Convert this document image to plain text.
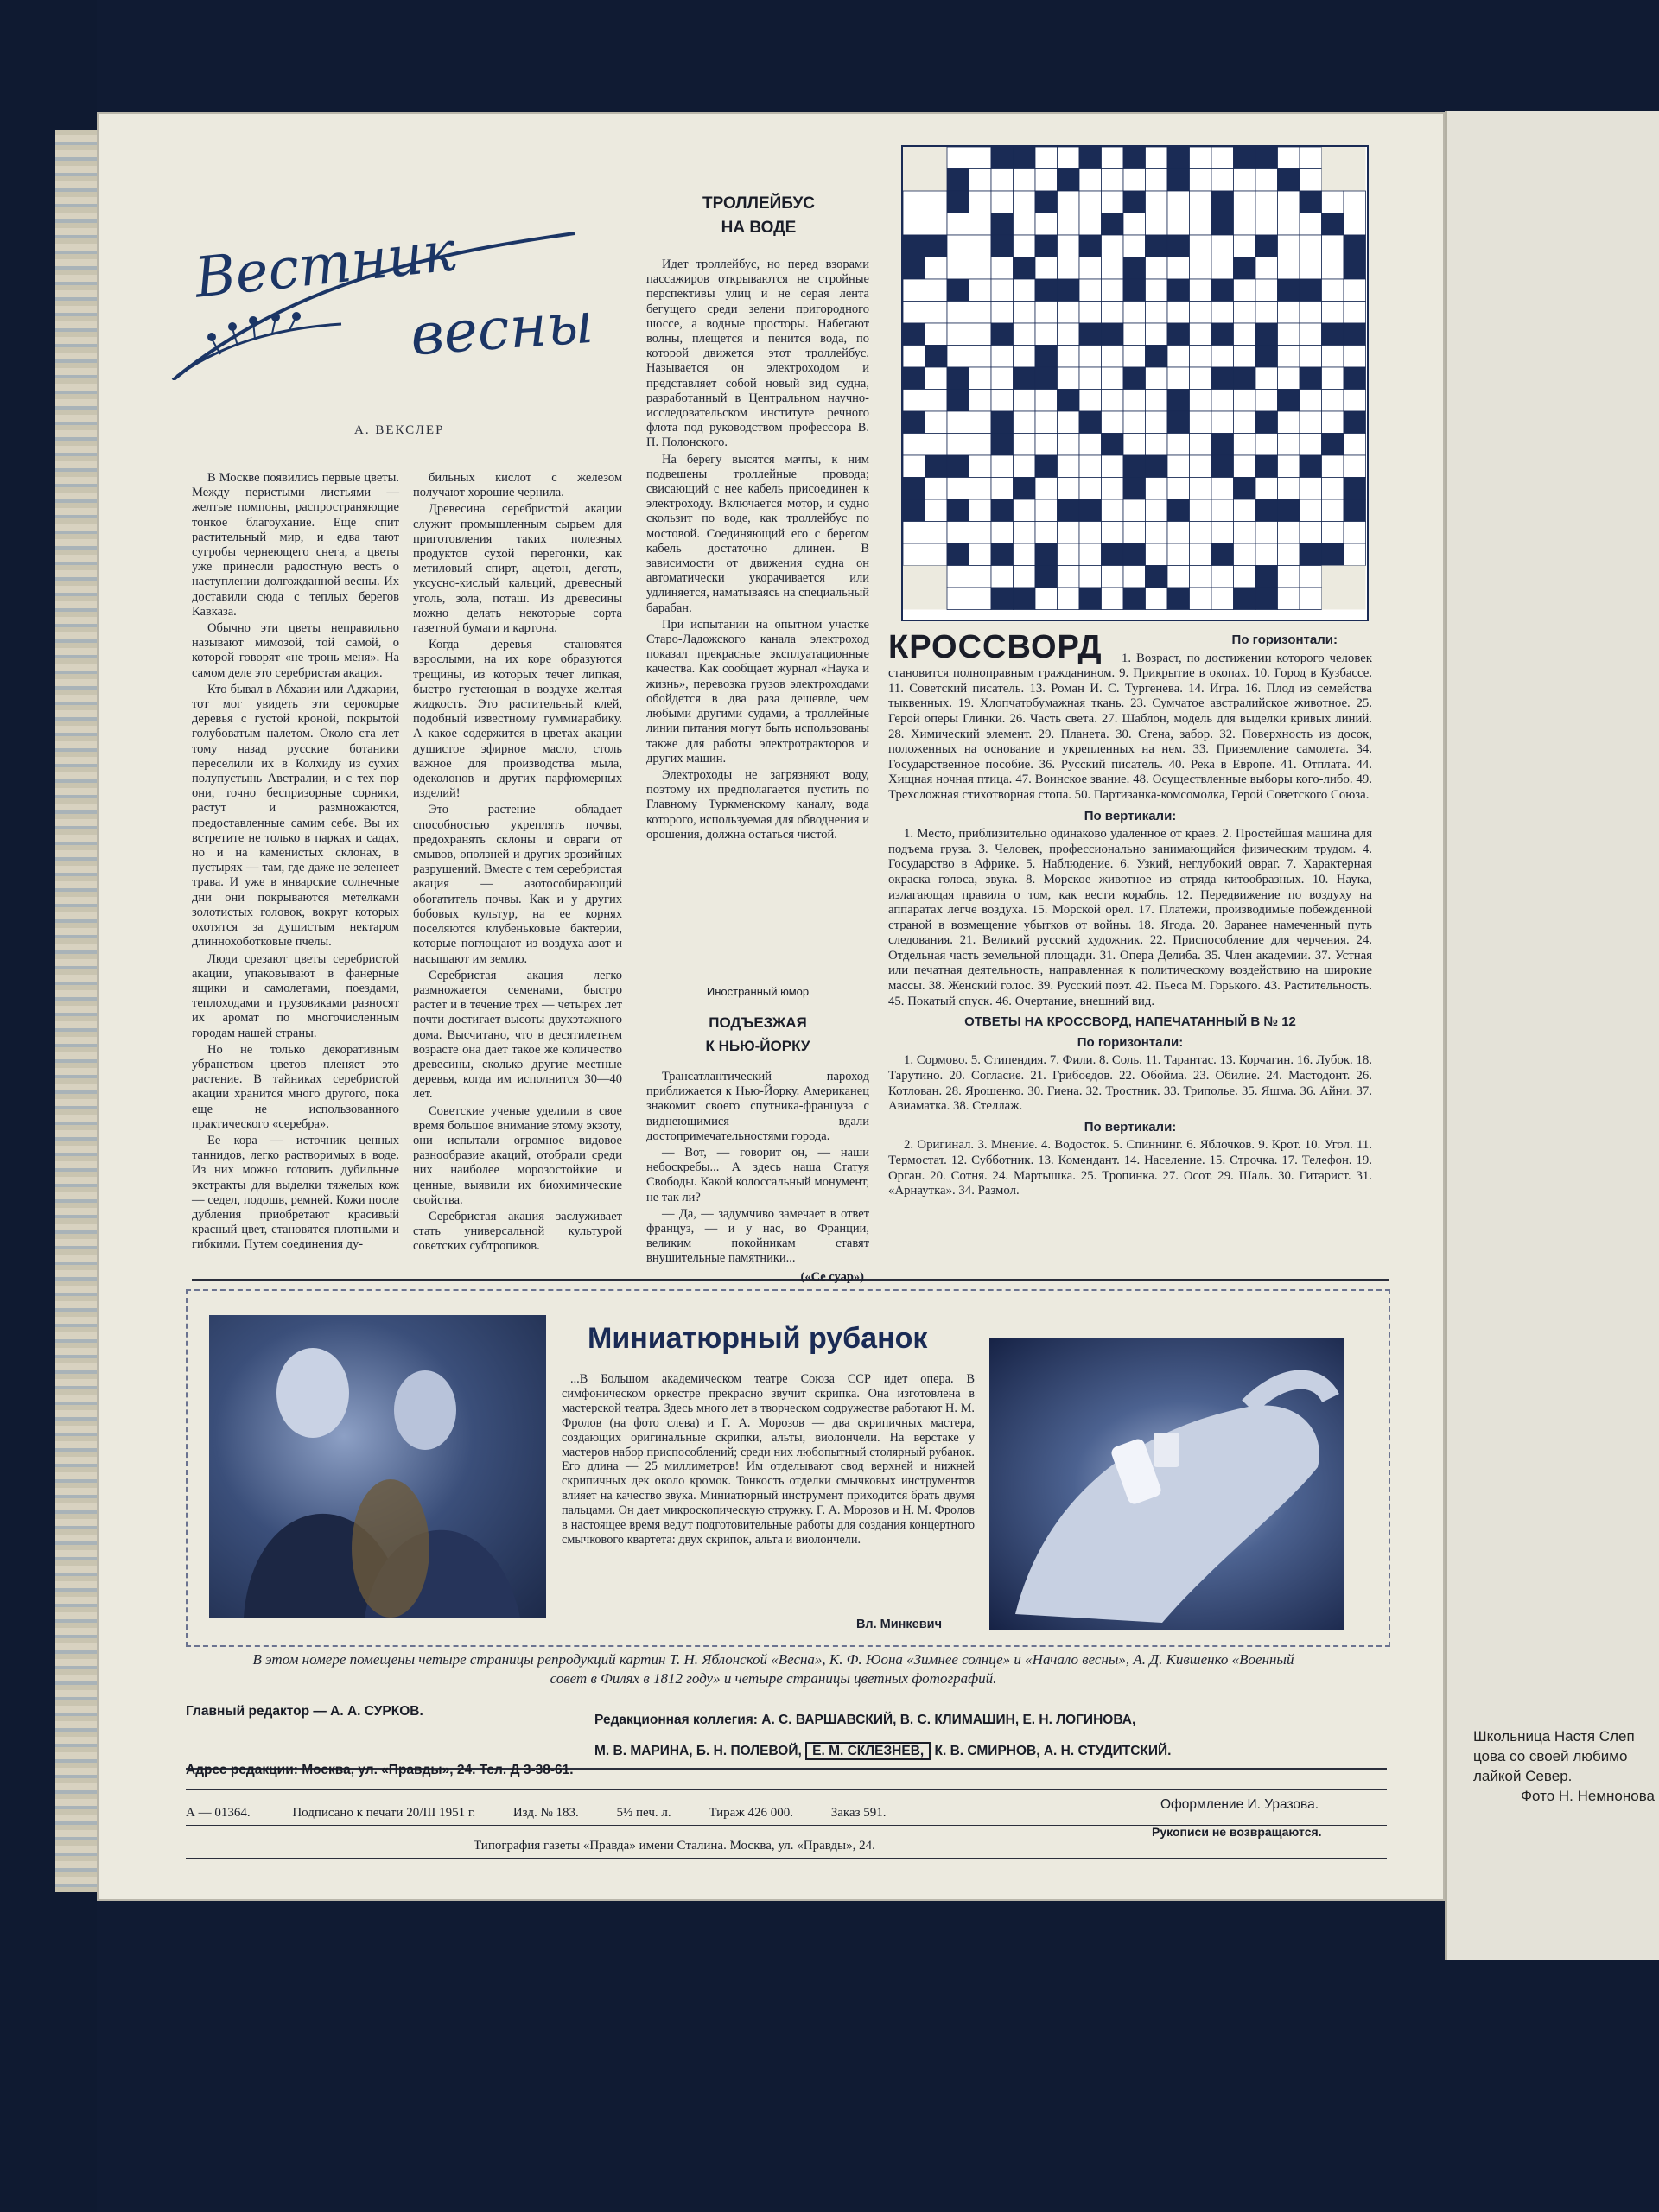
Школьница Настя Слеп цова со своей любимо лайкой Север.
Фото Н. Немнонова
Вестник
весны
А. ВЕКСЛЕР

В Москве появились первые цветы. Между перистыми листьями — желтые помпоны, распространяющие тонкое благоухание. Еще спит растительный мир, и едва тают сугробы чернеющего снега, а цветы уже принесли радостную весть о наступлении долгожданной весны. Их доставили сюда с теплых берегов Кавказа.

Обычно эти цветы неправильно называют мимозой, той самой, о которой говорят «не тронь меня». На самом деле это серебристая акация.

Кто бывал в Абхазии или Аджарии, тот мог увидеть эти серокорые деревья с густой кроной, покрытой голубоватым налетом. Около ста лет тому назад русские ботаники переселили их в Колхиду из сухих полупустынь Австралии, и с тех пор они, точно беспризорные сорняки, растут и размножаются, предоставленные самим себе. Вы их встретите не только в парках и садах, но и на каменистых склонах, в пустырях — там, где даже не зеленеет трава. И уже в январские солнечные дни они покрываются метелками золотистых головок, вокруг которых охотятся за душистым нектаром длиннохоботковые пчелы.

Люди срезают цветы серебристой акации, упаковывают в фанерные ящики и самолетами, поездами, теплоходами и грузовиками разносят их аромат по многочисленным городам нашей страны.

Но не только декоративным убранством цветов пленяет это растение. В тайниках серебристой акации хранится много другого, пока еще не использованного практического «серебра».

Ее кора — источник ценных таннидов, легко растворимых в воде. Из них можно готовить дубильные экстракты для выделки тяжелых кож — седел, подошв, ремней. Кожи после дубления приобретают красивый красный цвет, становятся плотными и гибкими. Путем соединения ду-

бильных кислот с железом получают хорошие чернила.

Древесина серебристой акации служит промышленным сырьем для приготовления таких полезных продуктов сухой перегонки, как метиловый спирт, ацетон, деготь, уксусно-кислый кальций, древесный уголь, зола, поташ. Из древесины можно делать некоторые сорта газетной бумаги и картона.

Когда деревья становятся взрослыми, на их коре образуются трещины, из которых течет липкая, быстро густеющая в воздухе желтая жидкость. Это растительный клей, подобный известному гуммиарабику. А какое содержится в цветах акации душистое эфирное масло, столь важное для производства мыла, одеколонов и других парфюмерных изделий!

Это растение обладает способностью укреплять почвы, предохранять склоны и овраги от смывов, оползней и других эрозийных разрушений. Вместе с тем серебристая акация — азотособирающий обогатитель почвы. Как и у других бобовых культур, на ее корнях поселяются клубеньковые бактерии, которые поглощают из воздуха азот и насыщают им землю.

Серебристая акация легко размножается семенами, быстро растет и в течение трех — четырех лет почти достигает высоты двухэтажного дома. Высчитано, что в десятилетнем возрасте она дает такое же количество древесины, сколько другие местные деревья, когда им исполнится 30—40 лет.

Советские ученые уделили в свое время большое внимание этому экзоту, они испытали огромное видовое разнообразие акаций, отобрали среди них наиболее морозостойкие и ценные, выявили их биохимические свойства.

Серебристая акация заслуживает стать универсальной культурой советских субтропиков.

ТРОЛЛЕЙБУС
НА ВОДЕ

Идет троллейбус, но перед взорами пассажиров открываются не стройные перспективы улиц и не серая лента бегущего среди зелени пригородного шоссе, а водные просторы. Набегают волны, плещется и пенится вода, по которой движется этот троллейбус. Называется он электроходом и представляет собой новый вид судна, разработанный в Центральном научно-исследовательском институте речного флота под руководством профессора В. П. Полонского.

На берегу высятся мачты, к ним подвешены троллейные провода; свисающий с нее кабель присоединен к электроходу. Включается мотор, и судно скользит по воде, как троллейбус по мостовой. Соединяющий его с берегом кабель достаточно длинен. В зависимости от движения судна он автоматически укорачивается или удлиняется, наматываясь на специальный барабан.

При испытании на опытном участке Старо-Ладожского канала электроход показал прекрасные эксплуатационные качества. Как сообщает журнал «Наука и жизнь», перевозка грузов электроходами обойдется в два раза дешевле, чем любыми другими судами, а троллейные линии питания могут быть использованы также для работы электротракторов и других машин.

Электроходы не загрязняют воду, поэтому их предполагается пустить по Главному Туркменскому каналу, вода которого, используемая для обводнения и орошения, должна остаться чистой.

Иностранный юмор
ПОДЪЕЗЖАЯ
К НЬЮ-ЙОРКУ

Трансатлантический пароход приближается к Нью-Йорку. Американец знакомит своего спутника-француза с виднеющимися вдали достопримечательностями города.

— Вот, — говорит он, — наши небоскребы... А здесь наша Статуя Свободы. Какой колоссальный монумент, не так ли?

— Да, — задумчиво замечает в ответ француз, — и у нас, во Франции, великим покойникам ставят внушительные памятники...

(«Се суар»)
КРОССВОРД	По горизонтали:

1. Возраст, по достижении которого человек становится полноправным гражданином. 9. Прикрытие в окопах. 10. Город в Кузбассе. 11. Советский писатель. 13. Роман И. С. Тургенева. 14. Игра. 16. Плод из семейства тыквенных. 19. Хлопчатобумажная ткань. 23. Сумчатое австралийское животное. 25. Герой оперы Глинки. 26. Часть света. 27. Шаблон, модель для выделки кривых линий. 28. Химический элемент. 29. Планета. 30. Стена, забор. 32. Поверхность из досок, положенных на основание и укрепленных на нем. 33. Приземление самолета. 34. Государственное пособие. 36. Русский писатель. 40. Река в Европе. 41. Отплата. 44. Хищная ночная птица. 47. Воинское звание. 48. Осуществленные выборы кого-либо. 49. Трехсложная стихотворная стопа. 50. Партизанка-комсомолка, Герой Советского Союза.

По вертикали:

1. Место, приблизительно одинаково удаленное от краев. 2. Простейшая машина для подъема груза. 3. Человек, профессионально занимающийся физическим трудом. 4. Государство в Африке. 5. Наблюдение. 6. Узкий, неглубокий овраг. 7. Характерная окраска голоса, звука. 8. Морское животное из отряда китообразных. 10. Наука, излагающая правила о том, как вести корабль. 12. Передвижение по воздуху на аппаратах легче воздуха. 15. Морской орел. 17. Платежи, производимые побежденной страной в возмещение убытков от войны. 18. Ягода. 20. Заранее намеченный путь следования. 21. Великий русский художник. 22. Приспособление для черчения. 24. Отдельная часть земельной площади. 31. Опера Делиба. 35. Член академии. 37. Устная или печатная деятельность, направленная к политическому воздействию на широкие массы. 38. Женский голос. 39. Русский поэт. 42. Пьеса М. Горького. 43. Растительность. 45. Покатый спуск. 46. Очертание, внешний вид.

ОТВЕТЫ НА КРОССВОРД, НАПЕЧАТАННЫЙ В № 12
По горизонтали:

1. Сормово. 5. Стипендия. 7. Фили. 8. Соль. 11. Тарантас. 13. Корчагин. 16. Лубок. 18. Тарутино. 20. Согласие. 21. Грибоедов. 22. Обойма. 23. Обилие. 24. Мастодонт. 26. Котлован. 28. Ярошенко. 30. Гиена. 32. Тростник. 33. Триполье. 35. Яшма. 36. Айни. 37. Авиаматка. 38. Стеллаж.

По вертикали:

2. Оригинал. 3. Мнение. 4. Водосток. 5. Спиннинг. 6. Яблочков. 9. Крот. 10. Угол. 11. Термостат. 12. Субботник. 13. Комендант. 14. Население. 15. Строчка. 17. Телефон. 19. Орган. 20. Сотня. 24. Мартышка. 25. Тропинка. 27. Осот. 29. Шаль. 30. Гитарист. 31. «Арнаутка». 34. Размол.

Миниатюрный рубанок

...В Большом академическом театре Союза ССР идет опера. В симфоническом оркестре прекрасно звучит скрипка. Она изготовлена в мастерской театра. Здесь много лет в творческом содружестве работают Н. М. Фролов (на фото слева) и Г. А. Морозов — два скрипичных мастера, создающих оригинальные скрипки, альты, виолончели. На верстаке у мастеров набор приспособлений; среди них любопытный столярный рубанок. Его длина — 25 миллиметров! Им отделывают свод верхней и нижней скрипичных дек около кромок. Тонкость отделки смычковых инструментов влияет на качество звука. Миниатюрный инструмент приходится брать двумя пальцами. Он дает микроскопическую стружку. Г. А. Морозов и Н. М. Фролов в настоящее время ведут подготовительные работы для создания концертного смычкового квартета: двух скрипок, альта и виолончели.

Вл. Минкевич
В этом номере помещены четыре страницы репродукций картин Т. Н. Яблонской «Весна», К. Ф. Юона «Зимнее солнце» и «Начало весны», А. Д. Кившенко «Военный совет в Филях в 1812 году» и четыре страницы цветных фотографий.
Главный редактор — А. А. СУРКОВ.
Редакционная коллегия: А. С. ВАРШАВСКИЙ, В. С. КЛИМАШИН, Е. Н. ЛОГИНОВА,
М. В. МАРИНА, Б. Н. ПОЛЕВОЙ, Е. М. СКЛЕЗНЕВ, К. В. СМИРНОВ, А. Н. СТУДИТСКИЙ.
Адрес редакции: Москва, ул. «Правды», 24. Тел. Д 3-38-61.
А — 01364.	Подписано к печати 20/III 1951 г.	Изд. № 183.	5½ печ. л.	Тираж 426 000.	Заказ 591.
Оформление И. Уразова.
Типография газеты «Правда» имени Сталина. Москва, ул. «Правды», 24.
Рукописи не возвращаются.
